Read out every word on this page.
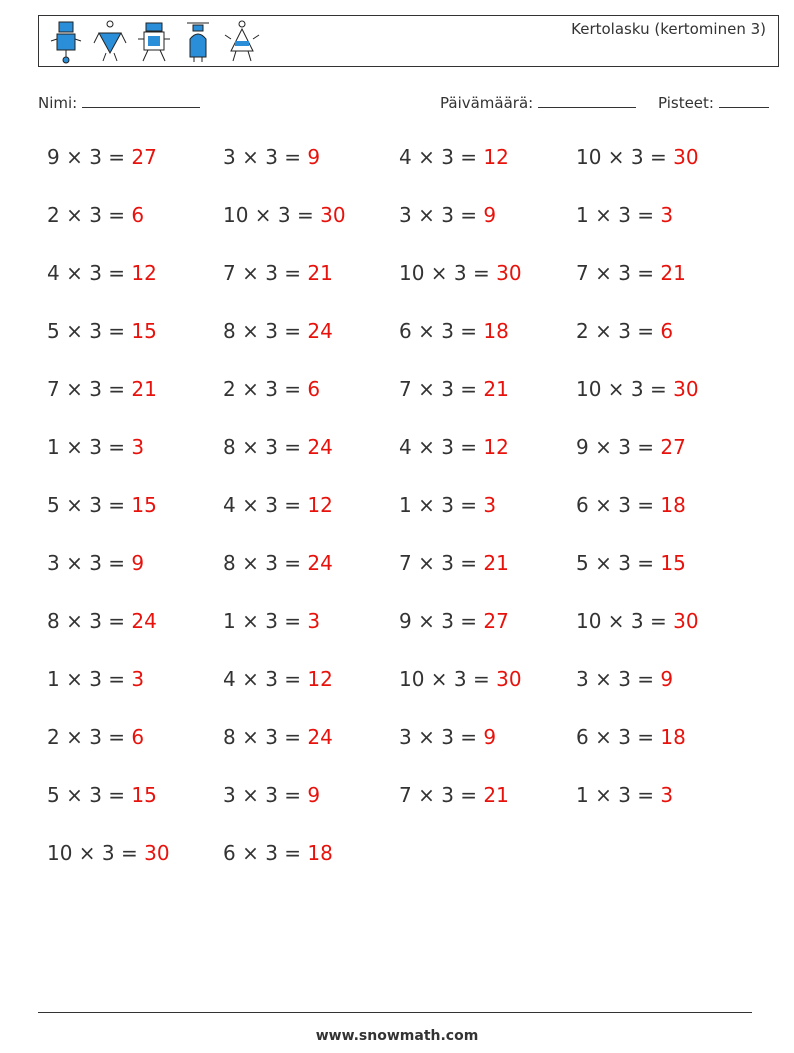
Kertolasku (kertominen 3)
Nimi:	Päivämäärä:	Pisteet:
9 × 3 = 27	3 × 3 = 9	4 × 3 = 12	10 × 3 = 30
2 × 3 = 6	10 × 3 = 30	3 × 3 = 9	1 × 3 = 3
4 × 3 = 12	7 × 3 = 21	10 × 3 = 30	7 × 3 = 21
5 × 3 = 15	8 × 3 = 24	6 × 3 = 18	2 × 3 = 6
7 × 3 = 21	2 × 3 = 6	7 × 3 = 21	10 × 3 = 30
1 × 3 = 3	8 × 3 = 24	4 × 3 = 12	9 × 3 = 27
5 × 3 = 15	4 × 3 = 12	1 × 3 = 3	6 × 3 = 18
3 × 3 = 9	8 × 3 = 24	7 × 3 = 21	5 × 3 = 15
8 × 3 = 24	1 × 3 = 3	9 × 3 = 27	10 × 3 = 30
1 × 3 = 3	4 × 3 = 12	10 × 3 = 30	3 × 3 = 9
2 × 3 = 6	8 × 3 = 24	3 × 3 = 9	6 × 3 = 18
5 × 3 = 15	3 × 3 = 9	7 × 3 = 21	1 × 3 = 3
10 × 3 = 30	6 × 3 = 18
www.snowmath.com
